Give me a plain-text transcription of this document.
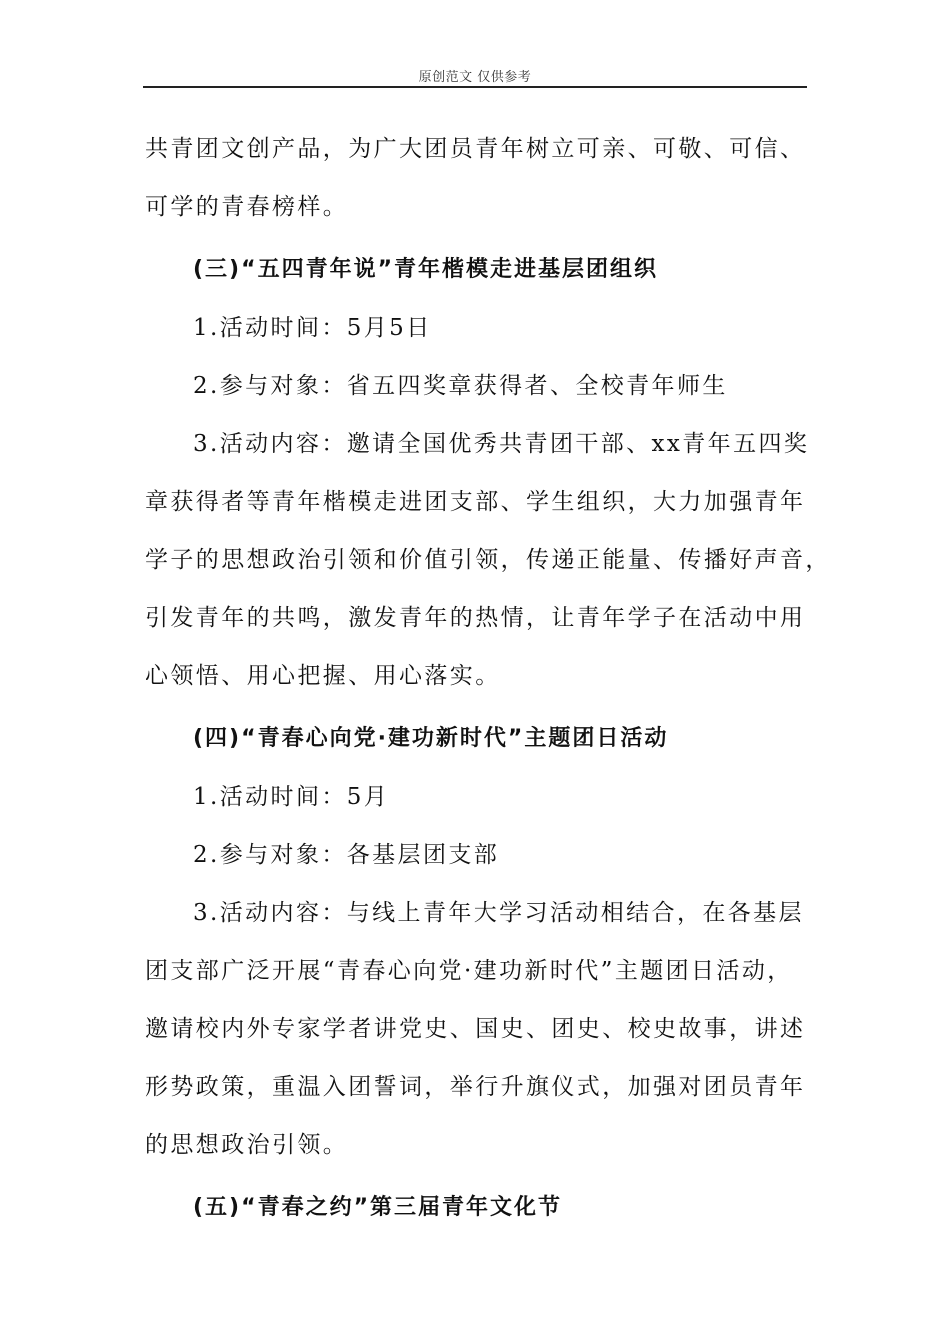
原创范文 仅供参考
共青团文创产品，为广大团员青年树立可亲、可敬、可信、
可学的青春榜样。
(三)“五四青年说”青年楷模走进基层团组织
1.活动时间：5月5日
2.参与对象：省五四奖章获得者、全校青年师生
3.活动内容：邀请全国优秀共青团干部、xx青年五四奖
章获得者等青年楷模走进团支部、学生组织，大力加强青年
学子的思想政治引领和价值引领，传递正能量、传播好声音，
引发青年的共鸣，激发青年的热情，让青年学子在活动中用
心领悟、用心把握、用心落实。
(四)“青春心向党·建功新时代”主题团日活动
1.活动时间：5月
2.参与对象：各基层团支部
3.活动内容：与线上青年大学习活动相结合，在各基层
团支部广泛开展“青春心向党·建功新时代”主题团日活动，
邀请校内外专家学者讲党史、国史、团史、校史故事，讲述
形势政策，重温入团誓词，举行升旗仪式，加强对团员青年
的思想政治引领。
(五)“青春之约”第三届青年文化节
